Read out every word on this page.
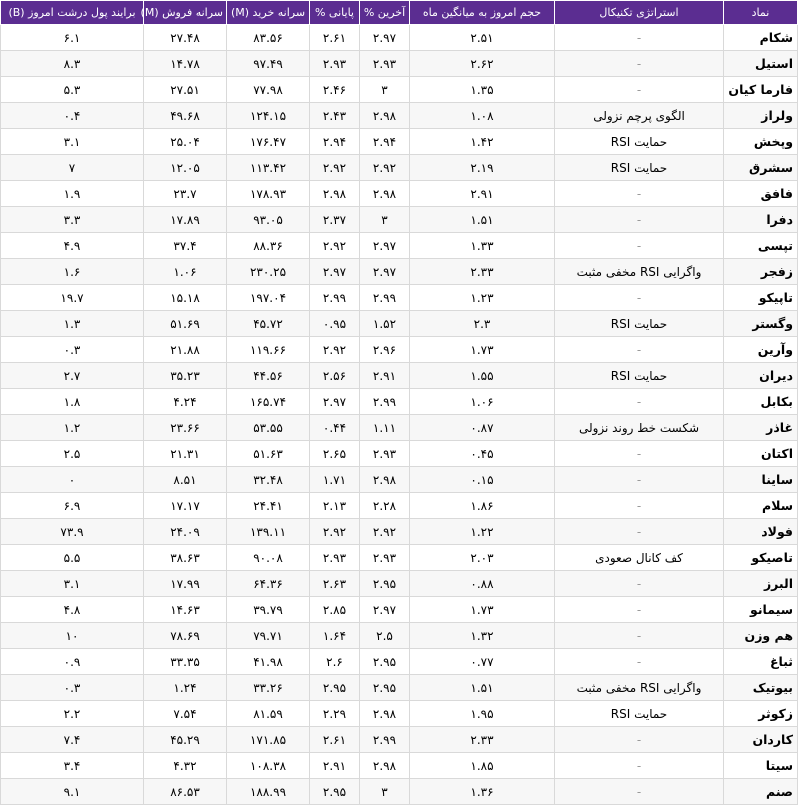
نماد	استراتژی تکنیکال	حجم امروز به میانگین ماه	آخرین %	پایانی %	سرانه خرید (M)	سرانه فروش (M)	برایند پول درشت امروز (B)
شکام	-	۲.۵۱	۲.۹۷	۲.۶۱	۸۳.۵۶	۲۷.۴۸	۶.۱
استیل	-	۲.۶۲	۲.۹۳	۲.۹۳	۹۷.۴۹	۱۴.۷۸	۸.۳
فارما کیان	-	۱.۳۵	۳	۲.۴۶	۷۷.۹۸	۲۷.۵۱	۵.۳
ولراز	الگوی پرچم نزولی	۱.۰۸	۲.۹۸	۲.۴۳	۱۲۴.۱۵	۴۹.۶۸	۰.۴
وپخش	حمایت RSI	۱.۴۲	۲.۹۴	۲.۹۴	۱۷۶.۴۷	۲۵.۰۴	۳.۱
سشرق	حمایت RSI	۲.۱۹	۲.۹۲	۲.۹۲	۱۱۳.۴۲	۱۲.۰۵	۷
فافق	-	۲.۹۱	۲.۹۸	۲.۹۸	۱۷۸.۹۳	۲۳.۷	۱.۹
دفرا	-	۱.۵۱	۳	۲.۳۷	۹۳.۰۵	۱۷.۸۹	۳.۳
تپسی	-	۱.۳۳	۲.۹۷	۲.۹۲	۸۸.۳۶	۳۷.۴	۴.۹
زفجر	واگرایی RSI مخفی مثبت	۲.۳۳	۲.۹۷	۲.۹۷	۲۳۰.۲۵	۱.۰۶	۱.۶
تاپیکو	-	۱.۲۳	۲.۹۹	۲.۹۹	۱۹۷.۰۴	۱۵.۱۸	۱۹.۷
وگستر	حمایت RSI	۲.۳	۱.۵۲	۰.۹۵	۴۵.۷۲	۵۱.۶۹	۱.۳
وآرین	-	۱.۷۳	۲.۹۶	۲.۹۲	۱۱۹.۶۶	۲۱.۸۸	۰.۳
دیران	حمایت RSI	۱.۵۵	۲.۹۱	۲.۵۶	۴۴.۵۶	۳۵.۲۳	۲.۷
بکابل	-	۱.۰۶	۲.۹۹	۲.۹۷	۱۶۵.۷۴	۴.۲۴	۱.۸
غاذر	شکست خط روند نزولی	۰.۸۷	۱.۱۱	۰.۴۴	۵۳.۵۵	۲۳.۶۶	۱.۲
اکتان	-	۰.۴۵	۲.۹۳	۲.۶۵	۵۱.۶۳	۲۱.۳۱	۲.۵
ساینا	-	۰.۱۵	۲.۹۸	۱.۷۱	۳۲.۴۸	۸.۵۱	۰
سلام	-	۱.۸۶	۲.۲۸	۲.۱۳	۲۴.۴۱	۱۷.۱۷	۶.۹
فولاد	-	۱.۲۲	۲.۹۲	۲.۹۲	۱۳۹.۱۱	۲۴.۰۹	۷۳.۹
تاصیکو	کف کانال صعودی	۲.۰۳	۲.۹۳	۲.۹۳	۹۰.۰۸	۳۸.۶۳	۵.۵
البرز	-	۰.۸۸	۲.۹۵	۲.۶۳	۶۴.۳۶	۱۷.۹۹	۳.۱
سیمانو	-	۱.۷۳	۲.۹۷	۲.۸۵	۳۹.۷۹	۱۴.۶۳	۴.۸
هم وزن	-	۱.۳۲	۲.۵	۱.۶۴	۷۹.۷۱	۷۸.۶۹	۱۰
ثباغ	-	۰.۷۷	۲.۹۵	۲.۶	۴۱.۹۸	۳۳.۳۵	۰.۹
بیوتیک	واگرایی RSI مخفی مثبت	۱.۵۱	۲.۹۵	۲.۹۵	۳۳.۲۶	۱.۲۴	۰.۳
زکوثر	حمایت RSI	۱.۹۵	۲.۹۸	۲.۲۹	۸۱.۵۹	۷.۵۴	۲.۲
کاردان	-	۲.۳۳	۲.۹۹	۲.۶۱	۱۷۱.۸۵	۴۵.۲۹	۷.۴
سیتا	-	۱.۸۵	۲.۹۸	۲.۹۱	۱۰۸.۳۸	۴.۳۲	۳.۴
صنم	-	۱.۳۶	۳	۲.۹۵	۱۸۸.۹۹	۸۶.۵۳	۹.۱
